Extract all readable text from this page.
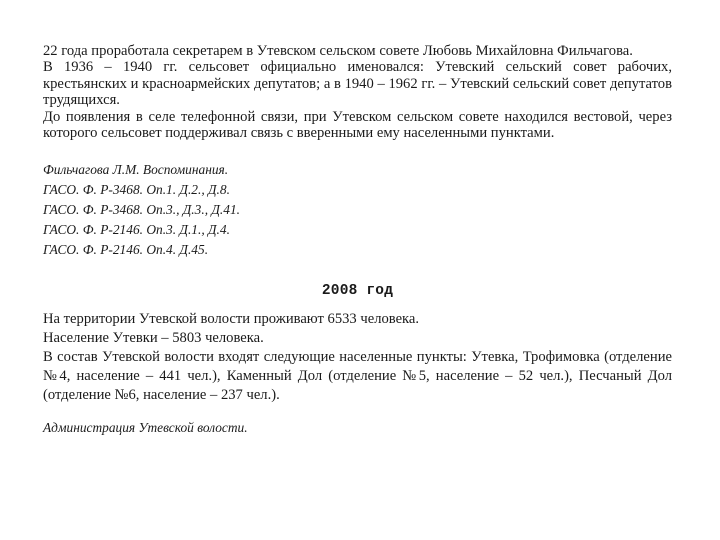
22 года проработала секретарем в Утевском сельском совете Любовь Михайловна Фильчагова.

В 1936 – 1940 гг. сельсовет официально именовался: Утевский сельский совет рабочих, крестьянских и красноармейских депутатов; а в 1940 – 1962 гг. – Утевский сельский совет депутатов трудящихся.

До появления в селе телефонной связи, при Утевском сельском совете находился вестовой, через которого сельсовет поддерживал связь с вверенными ему населенными пунктами.

Фильчагова Л.М. Воспоминания.
ГАСО. Ф. Р-3468. Оп.1. Д.2., Д.8.
ГАСО. Ф. Р-3468. Оп.3., Д.3., Д.41.
ГАСО. Ф. Р-2146. Оп.3. Д.1., Д.4.
ГАСО. Ф. Р-2146. Оп.4. Д.45.
2008 год

На территории Утевской волости проживают 6533 человека.

Население Утевки – 5803 человека.

В состав Утевской волости входят следующие населенные пункты: Утевка, Трофимовка (отделение №4, население – 441 чел.), Каменный Дол (отделение №5, население – 52 чел.), Песчаный Дол (отделение №6, население – 237 чел.).

Администрация Утевской волости.
